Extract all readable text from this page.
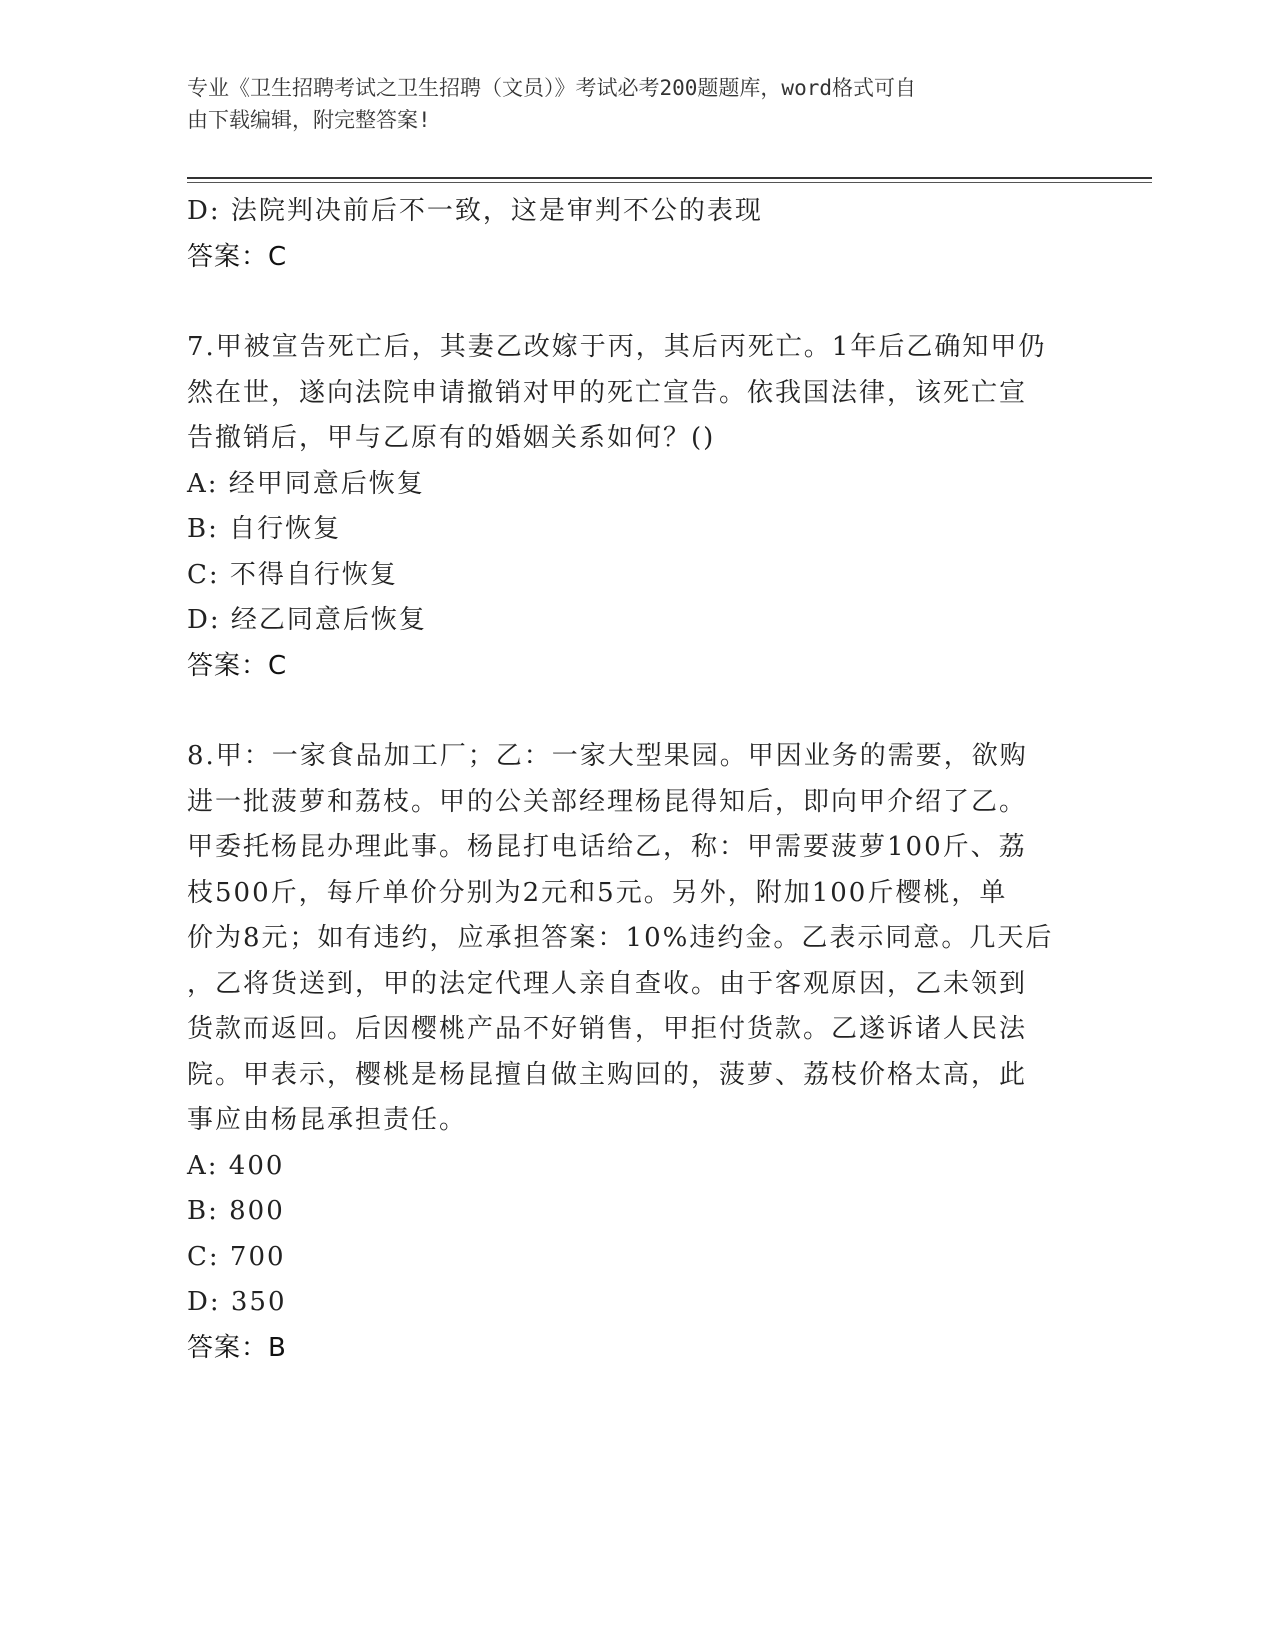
专业《卫生招聘考试之卫生招聘（文员）》考试必考200题题库，word格式可自
由下载编辑，附完整答案!
D: 法院判决前后不一致，这是审判不公的表现
答案：C
7.甲被宣告死亡后，其妻乙改嫁于丙，其后丙死亡。1年后乙确知甲仍
然在世，遂向法院申请撤销对甲的死亡宣告。依我国法律，该死亡宣
告撤销后，甲与乙原有的婚姻关系如何？()
A: 经甲同意后恢复
B: 自行恢复
C: 不得自行恢复
D: 经乙同意后恢复
答案：C
8.甲：一家食品加工厂；乙：一家大型果园。甲因业务的需要，欲购
进一批菠萝和荔枝。甲的公关部经理杨昆得知后，即向甲介绍了乙。
甲委托杨昆办理此事。杨昆打电话给乙，称：甲需要菠萝100斤、荔
枝500斤，每斤单价分别为2元和5元。另外，附加100斤樱桃，单
价为8元；如有违约，应承担答案：10%违约金。乙表示同意。几天后
，乙将货送到，甲的法定代理人亲自查收。由于客观原因，乙未领到
货款而返回。后因樱桃产品不好销售，甲拒付货款。乙遂诉诸人民法
院。甲表示，樱桃是杨昆擅自做主购回的，菠萝、荔枝价格太高，此
事应由杨昆承担责任。
A: 400
B: 800
C: 700
D: 350
答案：B
